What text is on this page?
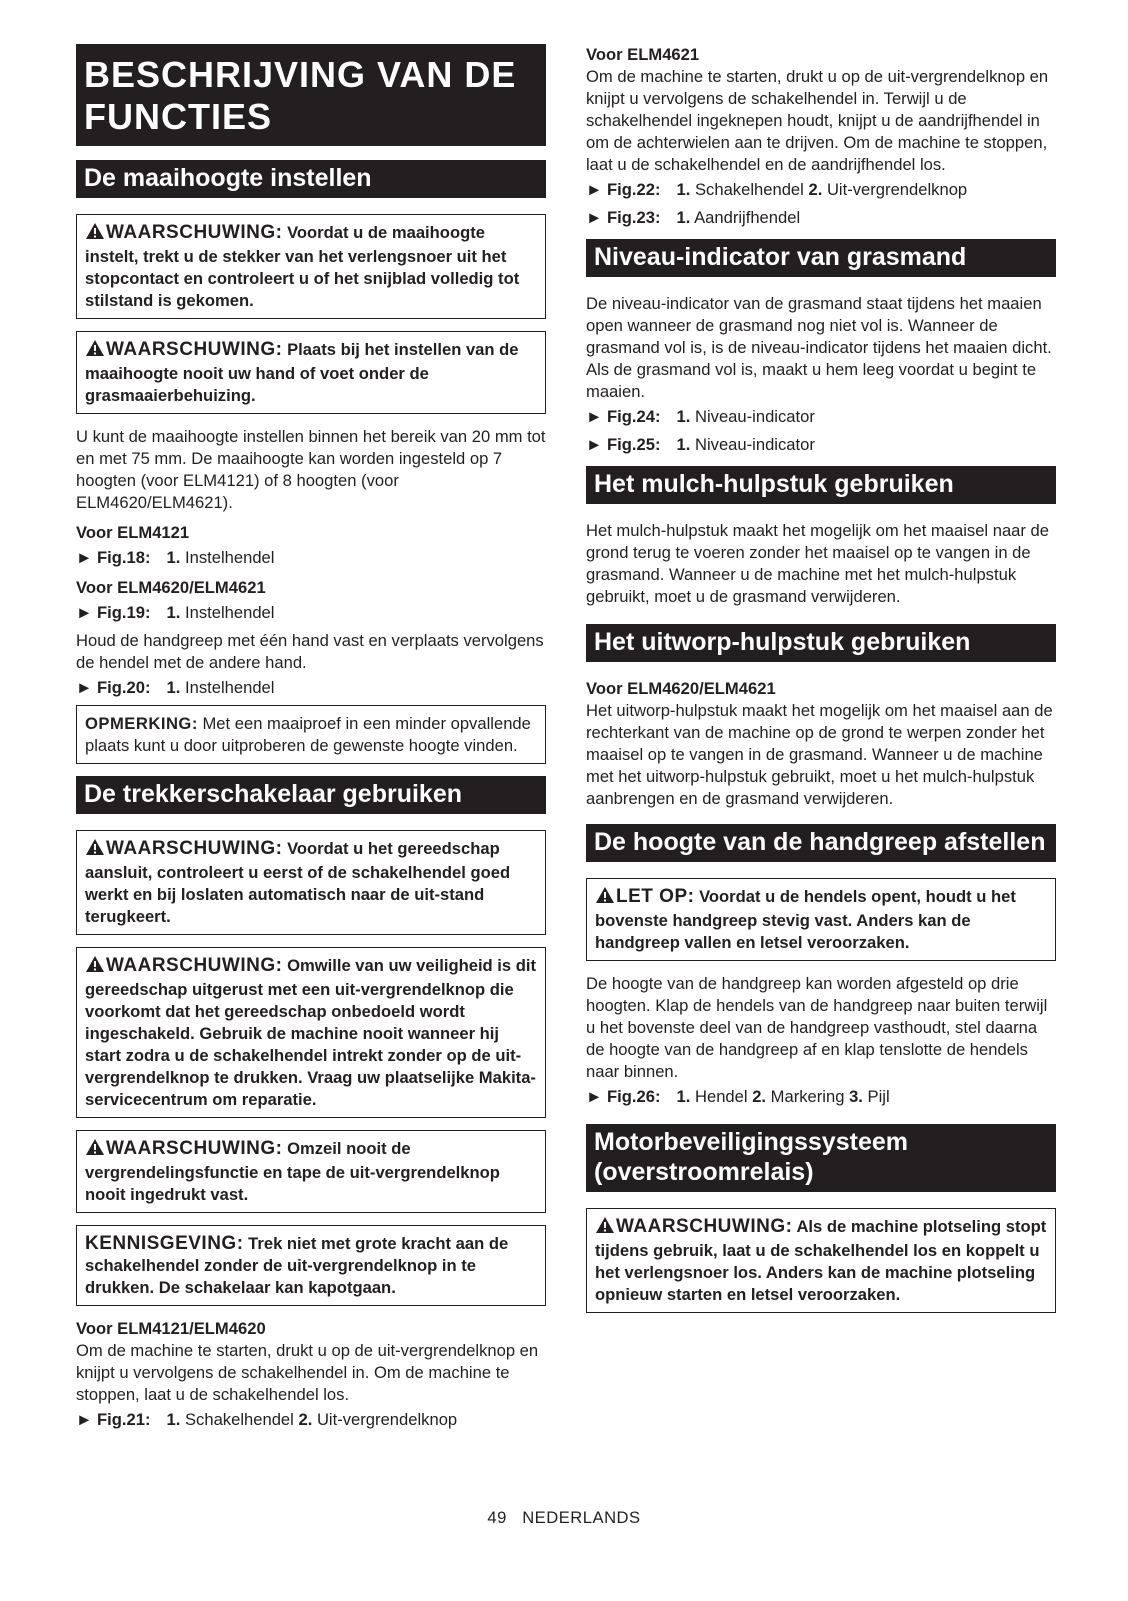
BESCHRIJVING VAN DE FUNCTIES
De maaihoogte instellen
WAARSCHUWING: Voordat u de maaihoogte instelt, trekt u de stekker van het verlengsnoer uit het stopcontact en controleert u of het snijblad volledig tot stilstand is gekomen.
WAARSCHUWING: Plaats bij het instellen van de maaihoogte nooit uw hand of voet onder de grasmaaierbehuizing.

U kunt de maaihoogte instellen binnen het bereik van 20 mm tot en met 75 mm. De maaihoogte kan worden ingesteld op 7 hoogten (voor ELM4121) of 8 hoogten (voor ELM4620/ELM4621).

Voor ELM4121
► Fig.18: 1. Instelhendel
Voor ELM4620/ELM4621
► Fig.19: 1. Instelhendel

Houd de handgreep met één hand vast en verplaats vervolgens de hendel met de andere hand.

► Fig.20: 1. Instelhendel
OPMERKING: Met een maaiproef in een minder opvallende plaats kunt u door uitproberen de gewenste hoogte vinden.
De trekkerschakelaar gebruiken
WAARSCHUWING: Voordat u het gereedschap aansluit, controleert u eerst of de schakelhendel goed werkt en bij loslaten automatisch naar de uit-stand terugkeert.
WAARSCHUWING: Omwille van uw veiligheid is dit gereedschap uitgerust met een uit-vergrendelknop die voorkomt dat het gereedschap onbedoeld wordt ingeschakeld. Gebruik de machine nooit wanneer hij start zodra u de schakelhendel intrekt zonder op de uit-vergrendelknop te drukken. Vraag uw plaatselijke Makita-servicecentrum om reparatie.
WAARSCHUWING: Omzeil nooit de vergrendelingsfunctie en tape de uit-vergrendelknop nooit ingedrukt vast.
KENNISGEVING: Trek niet met grote kracht aan de schakelhendel zonder de uit-vergrendelknop in te drukken. De schakelaar kan kapotgaan.
Voor ELM4121/ELM4620

Om de machine te starten, drukt u op de uit-vergrendelknop en knijpt u vervolgens de schakelhendel in. Om de machine te stoppen, laat u de schakelhendel los.

► Fig.21: 1. Schakelhendel 2. Uit-vergrendelknop
Voor ELM4621

Om de machine te starten, drukt u op de uit-vergrendelknop en knijpt u vervolgens de schakelhendel in. Terwijl u de schakelhendel ingeknepen houdt, knijpt u de aandrijfhendel in om de achterwielen aan te drijven. Om de machine te stoppen, laat u de schakelhendel en de aandrijfhendel los.

► Fig.22: 1. Schakelhendel 2. Uit-vergrendelknop
► Fig.23: 1. Aandrijfhendel
Niveau-indicator van grasmand

De niveau-indicator van de grasmand staat tijdens het maaien open wanneer de grasmand nog niet vol is. Wanneer de grasmand vol is, is de niveau-indicator tijdens het maaien dicht. Als de grasmand vol is, maakt u hem leeg voordat u begint te maaien.

► Fig.24: 1. Niveau-indicator
► Fig.25: 1. Niveau-indicator
Het mulch-hulpstuk gebruiken

Het mulch-hulpstuk maakt het mogelijk om het maaisel naar de grond terug te voeren zonder het maaisel op te vangen in de grasmand. Wanneer u de machine met het mulch-hulpstuk gebruikt, moet u de grasmand verwijderen.

Het uitworp-hulpstuk gebruiken
Voor ELM4620/ELM4621

Het uitworp-hulpstuk maakt het mogelijk om het maaisel aan de rechterkant van de machine op de grond te werpen zonder het maaisel op te vangen in de grasmand. Wanneer u de machine met het uitworp-hulpstuk gebruikt, moet u het mulch-hulpstuk aanbrengen en de grasmand verwijderen.

De hoogte van de handgreep afstellen
LET OP: Voordat u de hendels opent, houdt u het bovenste handgreep stevig vast. Anders kan de handgreep vallen en letsel veroorzaken.

De hoogte van de handgreep kan worden afgesteld op drie hoogten. Klap de hendels van de handgreep naar buiten terwijl u het bovenste deel van de handgreep vasthoudt, stel daarna de hoogte van de handgreep af en klap tenslotte de hendels naar binnen.

► Fig.26: 1. Hendel 2. Markering 3. Pijl
Motorbeveiligingssysteem (overstroomrelais)
WAARSCHUWING: Als de machine plotseling stopt tijdens gebruik, laat u de schakelhendel los en koppelt u het verlengsnoer los. Anders kan de machine plotseling opnieuw starten en letsel veroorzaken.
49 NEDERLANDS
